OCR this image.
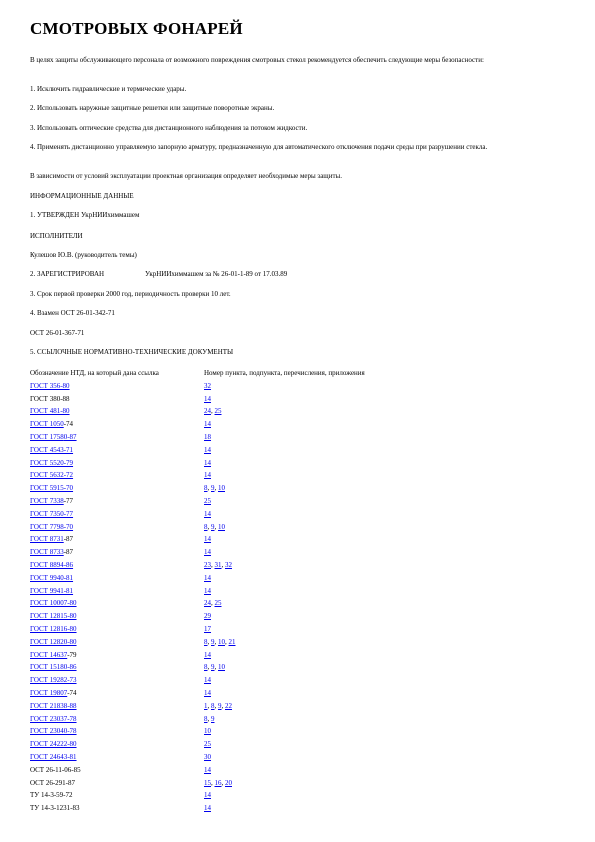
СМОТРОВЫХ ФОНАРЕЙ

В целях защиты обслуживающего персонала от возможного повреждения смотровых стекол рекомендуется обеспечить следующие меры безопасности:

1. Исключить гидравлические и термические удары.

2. Использовать наружные защитные решетки или защитные поворотные экраны.

3. Использовать оптические средства для дистанционного наблюдения за потоком жидкости.

4. Применять дистанционно управляемую запорную арматуру, предназначенную для автоматического отключения подачи среды при разрушении стекла.

В зависимости от условий эксплуатации проектная организация определяет необходимые меры защиты.

ИНФОРМАЦИОННЫЕ ДАННЫЕ

1. УТВЕРЖДЕН УкрНИИхиммашем

ИСПОЛНИТЕЛИ

Кулешов Ю.В. (руководитель темы)

2. ЗАРЕГИСТРИРОВАН	УкрНИИхиммашем за № 26-01-1-89 от 17.03.89

3. Срок первой проверки 2000 год, периодичность проверки 10 лет.

4. Взамен ОСТ 26-01-342-71

ОСТ 26-01-367-71

5. ССЫЛОЧНЫЕ НОРМАТИВНО-ТЕХНИЧЕСКИЕ ДОКУМЕНТЫ

Обозначение НТД, на который дана ссылка	Номер пункта, подпункта, перечисления, приложения
ГОСТ 356-80	32
ГОСТ 380-88	14
ГОСТ 481-80	24, 25
ГОСТ 1050-74	14
ГОСТ 17580-87	18
ГОСТ 4543-71	14
ГОСТ 5520-79	14
ГОСТ 5632-72	14
ГОСТ 5915-70	8, 9, 10
ГОСТ 7338-77	25
ГОСТ 7350-77	14
ГОСТ 7798-70	8, 9, 10
ГОСТ 8731-87	14
ГОСТ 8733-87	14
ГОСТ 8894-86	23, 31, 32
ГОСТ 9940-81	14
ГОСТ 9941-81	14
ГОСТ 10007-80	24, 25
ГОСТ 12815-80	29
ГОСТ 12816-80	17
ГОСТ 12820-80	8, 9, 10, 21
ГОСТ 14637-79	14
ГОСТ 15180-86	8, 9, 10
ГОСТ 19282-73	14
ГОСТ 19807-74	14
ГОСТ 21838-88	1, 8, 9, 22
ГОСТ 23037-78	8, 9
ГОСТ 23040-78	10
ГОСТ 24222-80	25
ГОСТ 24643-81	30
ОСТ 26-11-06-85	14
ОСТ 26-291-87	15, 16, 20
ТУ 14-3-59-72	14
ТУ 14-3-1231-83	14
